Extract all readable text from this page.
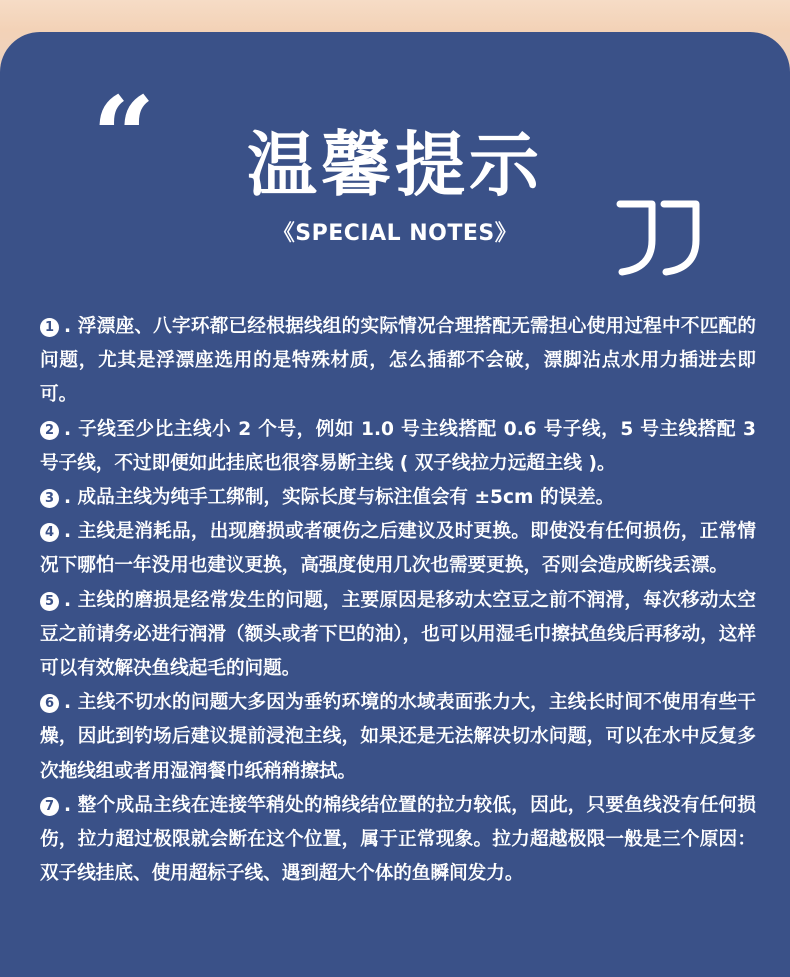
“	温馨提示
《SPECIAL NOTES》
1 . 浮漂座、八字环都已经根据线组的实际情况合理搭配无需担心使用过程中不匹配的问题，尤其是浮漂座选用的是特殊材质，怎么插都不会破，漂脚沾点水用力插进去即可。
2 . 子线至少比主线小 2 个号，例如 1.0 号主线搭配 0.6 号子线，5 号主线搭配 3 号子线，不过即便如此挂底也很容易断主线 ( 双子线拉力远超主线 )。
3 . 成品主线为纯手工绑制，实际长度与标注值会有 ±5cm 的误差。
4 . 主线是消耗品，出现磨损或者硬伤之后建议及时更换。即使没有任何损伤，正常情况下哪怕一年没用也建议更换，高强度使用几次也需要更换，否则会造成断线丢漂。
5 . 主线的磨损是经常发生的问题，主要原因是移动太空豆之前不润滑，每次移动太空豆之前请务必进行润滑（额头或者下巴的油），也可以用湿毛巾擦拭鱼线后再移动，这样可以有效解决鱼线起毛的问题。
6 . 主线不切水的问题大多因为垂钓环境的水域表面张力大，主线长时间不使用有些干燥，因此到钓场后建议提前浸泡主线，如果还是无法解决切水问题，可以在水中反复多次拖线组或者用湿润餐巾纸稍稍擦拭。
7 . 整个成品主线在连接竿稍处的棉线结位置的拉力较低，因此，只要鱼线没有任何损伤，拉力超过极限就会断在这个位置，属于正常现象。拉力超越极限一般是三个原因：双子线挂底、使用超标子线、遇到超大个体的鱼瞬间发力。
